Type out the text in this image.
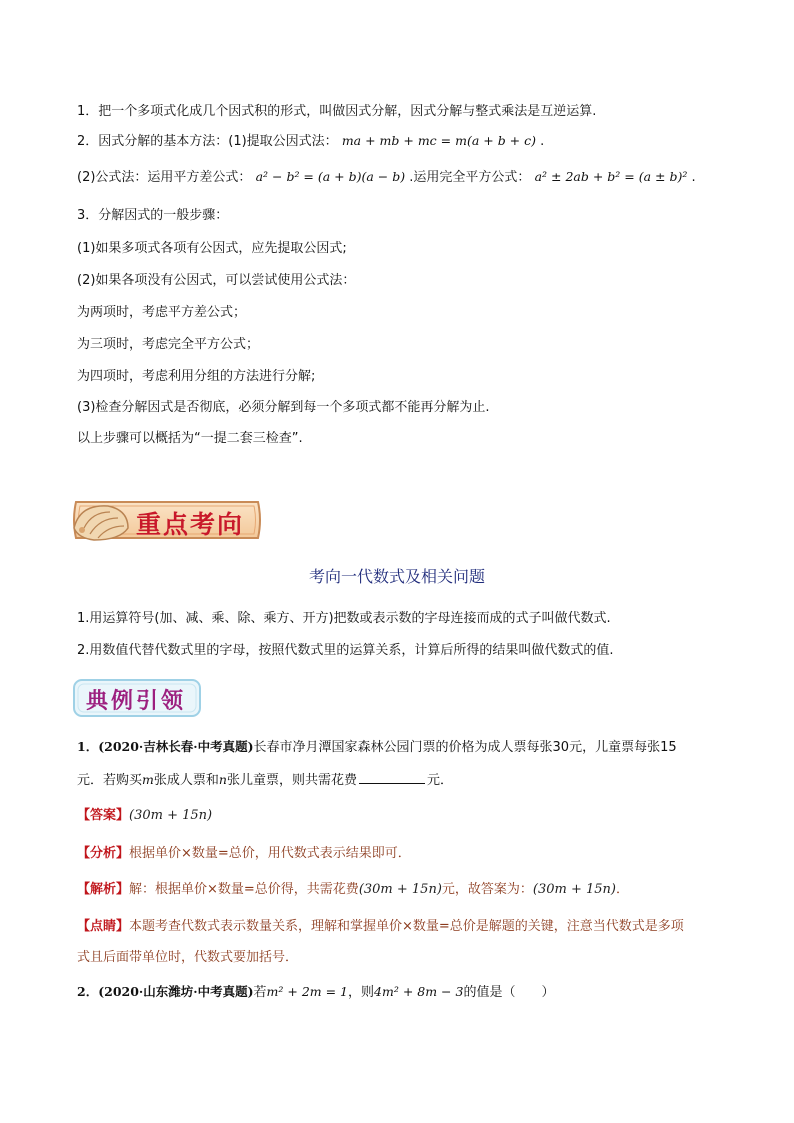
1．把一个多项式化成几个因式积的形式，叫做因式分解，因式分解与整式乘法是互逆运算.
2．因式分解的基本方法：(1)提取公因式法： ma + mb + mc = m(a + b + c) .
(2)公式法：运用平方差公式： a² − b² = (a + b)(a − b) .运用完全平方公式： a² ± 2ab + b² = (a ± b)² .
3．分解因式的一般步骤：
(1)如果多项式各项有公因式，应先提取公因式;
(2)如果各项没有公因式，可以尝试使用公式法：
为两项时，考虑平方差公式；
为三项时，考虑完全平方公式；
为四项时，考虑利用分组的方法进行分解;
(3)检查分解因式是否彻底，必须分解到每一个多项式都不能再分解为止.
以上步骤可以概括为“一提二套三检查”.
重点考向
考向一代数式及相关问题
1.用运算符号(加、减、乘、除、乘方、开方)把数或表示数的字母连接而成的式子叫做代数式.
2.用数值代替代数式里的字母，按照代数式里的运算关系，计算后所得的结果叫做代数式的值.
典例引领
1．(2020·吉林长春·中考真题)长春市净月潭国家森林公园门票的价格为成人票每张30元，儿童票每张15
元．若购买m张成人票和n张儿童票，则共需花费	元．
【答案】(30m + 15n)
【分析】根据单价×数量=总价，用代数式表示结果即可．
【解析】解：根据单价×数量=总价得，共需花费(30m + 15n)元，故答案为：(30m + 15n)．
【点睛】本题考查代数式表示数量关系，理解和掌握单价×数量=总价是解题的关键，注意当代数式是多项
式且后面带单位时，代数式要加括号．
2．(2020·山东潍坊·中考真题)若m² + 2m = 1，则4m² + 8m − 3的值是（　　）
